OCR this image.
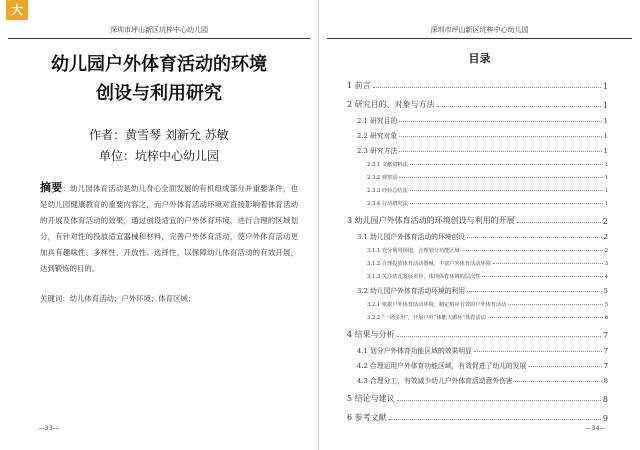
大
深圳市坪山新区坑梓中心幼儿园
幼儿园户外体育活动的环境
创设与利用研究
作者：黄雪琴 刘新允 苏敏
单位：坑梓中心幼儿园
摘要：幼儿园体育活动是幼儿身心全面发展的有机组成部分并重要条件，也是幼儿园健康教育的重要内容之，而户外体育活动环境对直接影响着体育活动的开展及体育活动的效果，通过创设适宜的户外体育环境，进行合理的区域划分，有针对性的投放适宜器械和材料，完善户外体育活动，使户外体育活动更加具有趣味性、多样性、开放性、选择性，以保障幼儿体育活动的有效开展，达到锻炼的目的。
关键词：幼儿体育活动；户外环境；体育区域；
—33—
深圳市坪山新区坑梓中心幼儿园
目录
1 前言	1
2 研究目的、对象与方法	1
2.1 研究目的	1
2.2 研究对象	1
2.3 研究方法	1
2.3.1 文献资料法	1
2.3.2 观察法	1
2.3.3 经验总结法	1
2.3.4 行动研究法	1
3 幼儿园户外体育活动的环境创设与利用的开展	2
3.1 幼儿园户外体育活动的环境创设	2
3.1.1 充分利用场地，合理划分功能区域	2
3.1.2 合理投放体育活动器械，丰富户外体育活动环境	3
3.1.3 关注幼儿发展差异，体现体育环境的层次性	4
3.2 幼儿园户外体育活动环境的利用	5
3.2.1 依据户外体育活动环境，制定相应有效的户外体育活动	5
3.2.2 “一场多用”，开展户外“体能大循环”体育活动	6
4 结果与分析	7
4.1 划分户外体育功能区域的效果明显	7
4.2 合理运用户外体育功能区域，有效促进了幼儿的发展	7
4.3 合理分工，有效减少幼儿户外体育活动意外伤害	8
5 结论与建议	8
6 参考文献	9
—34—
